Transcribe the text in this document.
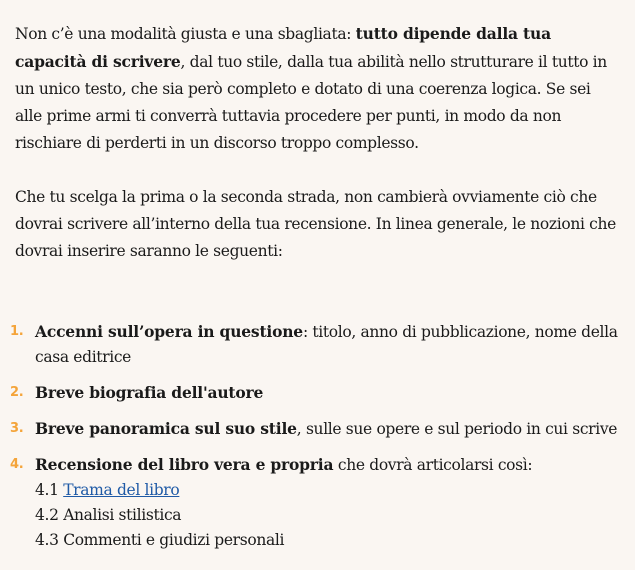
Non c’è una modalità giusta e una sbagliata: tutto dipende dalla tua capacità di scrivere, dal tuo stile, dalla tua abilità nello strutturare il tutto in un unico testo, che sia però completo e dotato di una coerenza logica. Se sei alle prime armi ti converrà tuttavia procedere per punti, in modo da non rischiare di perderti in un discorso troppo complesso.

Che tu scelga la prima o la seconda strada, non cambierà ovviamente ciò che dovrai scrivere all’interno della tua recensione. In linea generale, le nozioni che dovrai inserire saranno le seguenti:

1. Accenni sull’opera in questione: titolo, anno di pubblicazione, nome della casa editrice
2. Breve biografia dell'autore
3. Breve panoramica sul suo stile, sulle sue opere e sul periodo in cui scrive
4. Recensione del libro vera e propria che dovrà articolarsi così:
4.1 Trama del libro
4.2 Analisi stilistica
4.3 Commenti e giudizi personali
